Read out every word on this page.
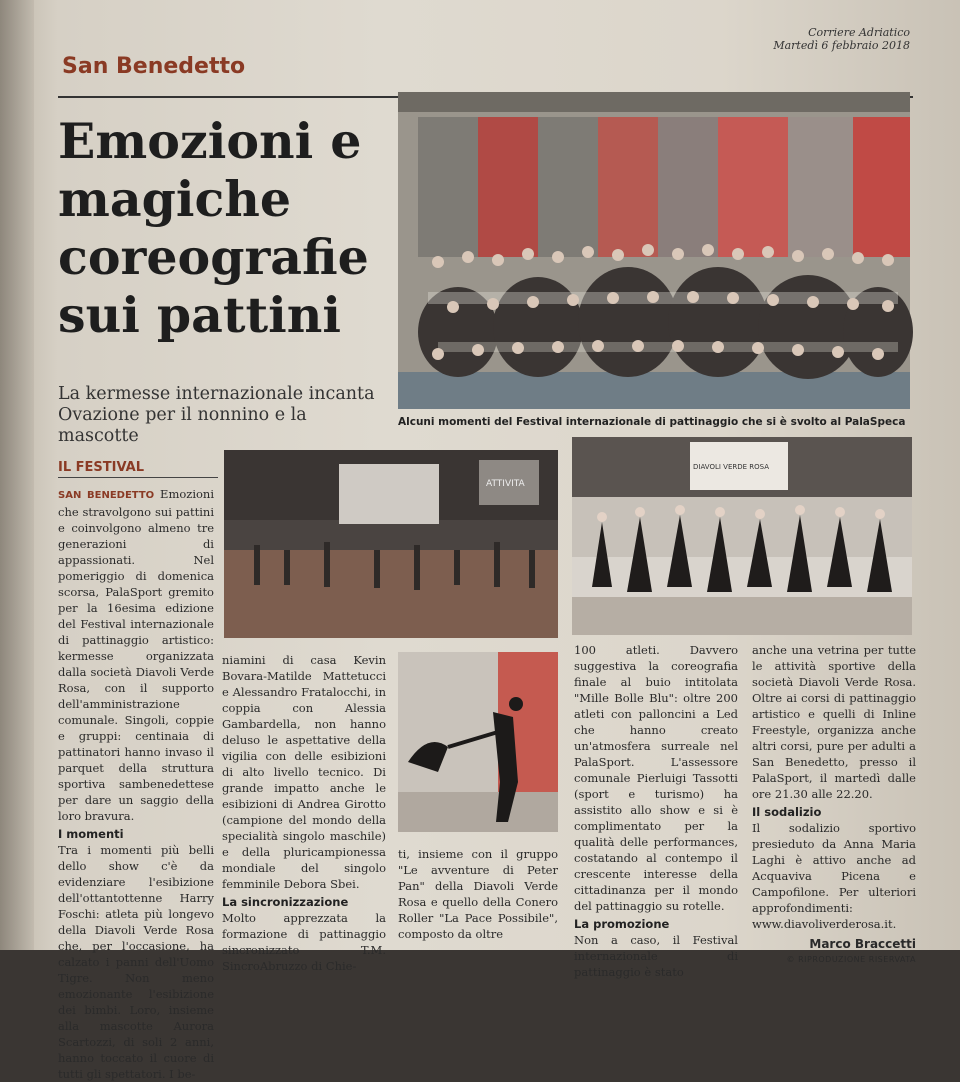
San Benedetto
Corriere Adriatico
Martedì 6 febbraio 2018
Emozioni e magiche coreografie sui pattini
La kermesse internazionale incanta
Ovazione per il nonnino e la mascotte
Alcuni momenti del Festival internazionale di pattinaggio che si è svolto al PalaSpeca
ATTIVITA
DIAVOLI VERDE ROSA
IL FESTIVAL

SAN BENEDETTO Emozioni che stravolgono sui pattini e coinvolgono almeno tre generazioni di appassionati. Nel pomeriggio di domenica scorsa, PalaSport gremito per la 16esima edizione del Festival internazionale di pattinaggio artistico: kermesse organizzata dalla società Diavoli Verde Rosa, con il supporto dell'amministrazione comunale. Singoli, coppie e gruppi: centinaia di pattinatori hanno invaso il parquet della struttura sportiva sambenedettese per dare un saggio della loro bravura.

I momenti

Tra i momenti più belli dello show c'è da evidenziare l'esibizione dell'ottantottenne Harry Foschi: atleta più longevo della Diavoli Verde Rosa che, per l'occasione, ha calzato i panni dell'Uomo Tigre. Non meno emozionante l'esibizione dei bimbi. Loro, insieme alla mascotte Aurora Scartozzi, di soli 2 anni, hanno toccato il cuore di tutti gli spettatori. I be-

niamini di casa Kevin Bovara-Matilde Mattetucci e Alessandro Fratalocchi, in coppia con Alessia Gambardella, non hanno deluso le aspettative della vigilia con delle esibizioni di alto livello tecnico. Di grande impatto anche le esibizioni di Andrea Girotto (campione del mondo della specialità singolo maschile) e della pluricampionessa mondiale del singolo femminile Debora Sbei.

La sincronizzazione

Molto apprezzata la formazione di pattinaggio sincronizzato T.M. SincroAbruzzo di Chie-

ti, insieme con il gruppo "Le avventure di Peter Pan" della Diavoli Verde Rosa e quello della Conero Roller "La Pace Possibile", composto da oltre

100 atleti. Davvero suggestiva la coreografia finale al buio intitolata "Mille Bolle Blu": oltre 200 atleti con palloncini a Led che hanno creato un'atmosfera surreale nel PalaSport. L'assessore comunale Pierluigi Tassotti (sport e turismo) ha assistito allo show e si è complimentato per la qualità delle performances, costatando al contempo il crescente interesse della cittadinanza per il mondo del pattinaggio su rotelle.

La promozione

Non a caso, il Festival internazionale di pattinaggio è stato

anche una vetrina per tutte le attività sportive della società Diavoli Verde Rosa. Oltre ai corsi di pattinaggio artistico e quelli di Inline Freestyle, organizza anche altri corsi, pure per adulti a San Benedetto, presso il PalaSport, il martedì dalle ore 21.30 alle 22.20.

Il sodalizio

Il sodalizio sportivo presieduto da Anna Maria Laghi è attivo anche ad Acquaviva Picena e Campofilone. Per ulteriori approfondimenti: www.diavoliverderosa.it.

Marco Braccetti
© RIPRODUZIONE RISERVATA
